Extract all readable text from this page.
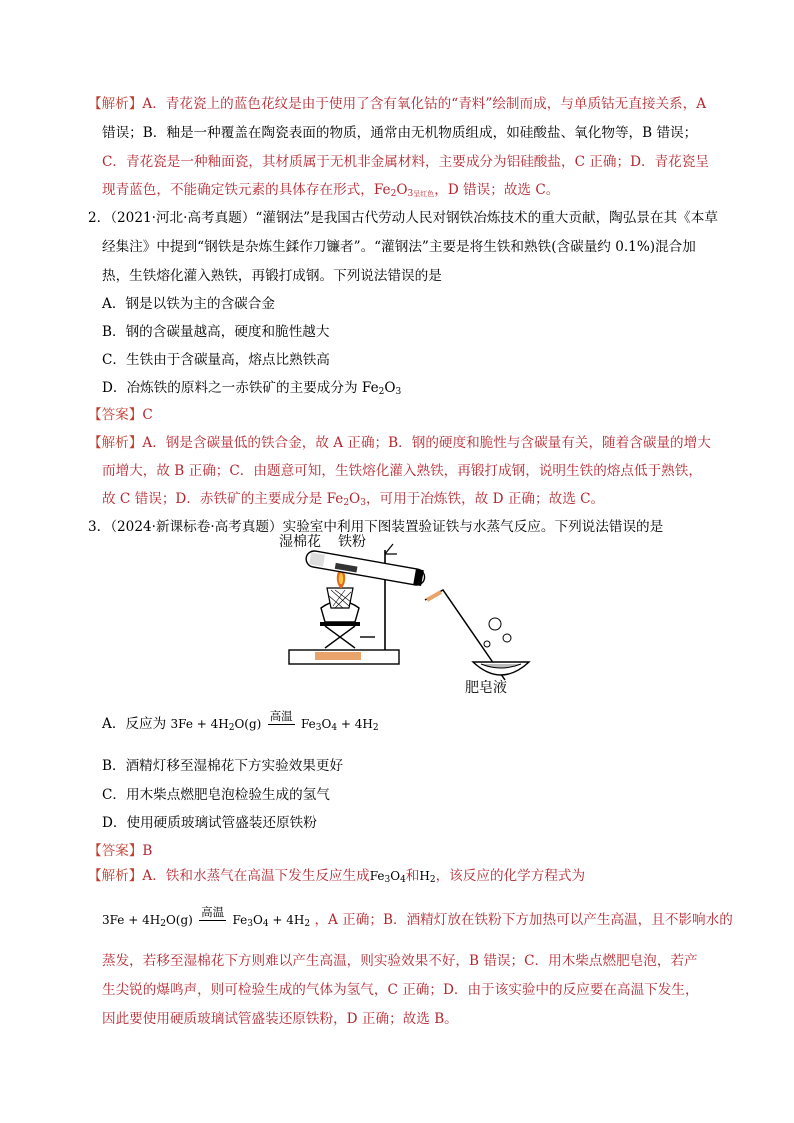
【解析】A．青花瓷上的蓝色花纹是由于使用了含有氧化钴的“青料”绘制而成，与单质钴无直接关系，A
错误；B．釉是一种覆盖在陶瓷表面的物质，通常由无机物质组成，如硅酸盐、氧化物等，B 错误；
C．青花瓷是一种釉面瓷，其材质属于无机非金属材料，主要成分为铝硅酸盐，C 正确；D．青花瓷呈
现青蓝色，不能确定铁元素的具体存在形式，$Fe_2O_3$呈红色，D 错误；故选 C。
2．（2021·河北·高考真题）“灌钢法”是我国古代劳动人民对钢铁冶炼技术的重大贡献，陶弘景在其《本草
经集注》中提到“钢铁是杂炼生鍒作刀镰者”。“灌钢法”主要是将生铁和熟铁(含碳量约 0.1%)混合加
热，生铁熔化灌入熟铁，再锻打成钢。下列说法错误的是
A．钢是以铁为主的含碳合金
B．钢的含碳量越高，硬度和脆性越大
C．生铁由于含碳量高，熔点比熟铁高
D．冶炼铁的原料之一赤铁矿的主要成分为 $Fe_2O_3$
【答案】C
【解析】A．钢是含碳量低的铁合金，故 A 正确；B．钢的硬度和脆性与含碳量有关，随着含碳量的增大
而增大，故 B 正确；C．由题意可知，生铁熔化灌入熟铁，再锻打成钢，说明生铁的熔点低于熟铁，
故 C 错误；D．赤铁矿的主要成分是 $Fe_2O_3$，可用于冶炼铁，故 D 正确；故选 C。
3．（2024·新课标卷·高考真题）实验室中利用下图装置验证铁与水蒸气反应。下列说法错误的是
湿棉花 铁粉
肥皂液
A．反应为 $3Fe + 4H_2O(g)$
高温
$Fe_3O_4 + 4H_2$
B．酒精灯移至湿棉花下方实验效果更好
C．用木柴点燃肥皂泡检验生成的氢气
D．使用硬质玻璃试管盛装还原铁粉
【答案】B
【解析】A．铁和水蒸气在高温下发生反应生成$Fe_3O_4$和$H_2$，该反应的化学方程式为
$3Fe + 4H_2O(g)$
高温
$Fe_3O_4 + 4H_2$ ，A 正确；B．酒精灯放在铁粉下方加热可以产生高温，且不影响水的
蒸发，若移至湿棉花下方则难以产生高温，则实验效果不好，B 错误；C．用木柴点燃肥皂泡，若产
生尖锐的爆鸣声，则可检验生成的气体为氢气，C 正确；D．由于该实验中的反应要在高温下发生，
因此要使用硬质玻璃试管盛装还原铁粉，D 正确；故选 B。
